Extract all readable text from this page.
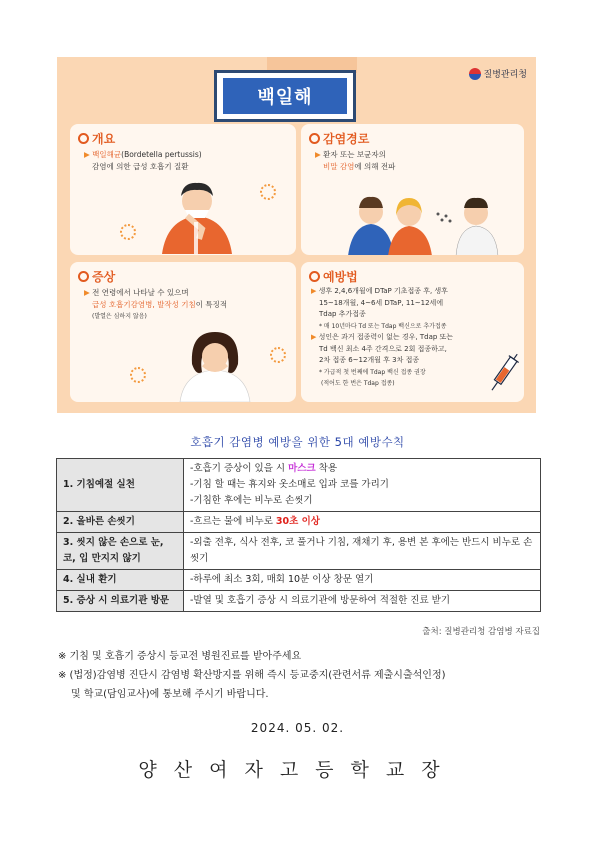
백일해
질병관리청
개요
▶ 백일해균(Bordetella pertussis)
감염에 의한 급성 호흡기 질환
감염경로
▶ 환자 또는 보균자의
비말 감염에 의해 전파
증상
▶ 전 연령에서 나타날 수 있으며
급성 호흡기감염병, 발작성 기침이 특징적
(발열은 심하지 않음)
예방법
▶ 생후 2,4,6개월에 DTaP 기초접종 후, 생후
15~18개월, 4~6세 DTaP, 11~12세에
Tdap 추가접종
* 매 10년마다 Td 또는 Tdap 백신으로 추가접종
▶ 성인은 과거 접종력이 없는 경우, Tdap 또는
Td 백신 최소 4주 간격으로 2회 접종하고,
2차 접종 6~12개월 후 3차 접종
* 가급적 첫 번째에 Tdap 백신 접종 권장
(적어도 한 번은 Tdap 접종)
호흡기 감염병 예방을 위한 5대 예방수칙
1. 기침예절 실천	-호흡기 증상이 있을 시 마스크 착용
-기침 할 때는 휴지와 옷소매로 입과 코를 가리기
-기침한 후에는 비누로 손씻기

2. 올바른 손씻기	-흐르는 물에 비누로 30초 이상

3. 씻지 않은 손으로 눈, 코, 입 만지지 않기	-외출 전후, 식사 전후, 코 풀거나 기침, 재채기 후, 용변 본 후에는 반드시 비누로 손 씻기

4. 실내 환기	-하루에 최소 3회, 매회 10분 이상 창문 열기

5. 증상 시 의료기관 방문	-발열 및 호흡기 증상 시 의료기관에 방문하여 적절한 진료 받기
출처: 질병관리청 감염병 자료집

※ 기침 및 호흡기 증상시 등교전 병원진료를 받아주세요

※ (법정)감염병 진단시 감염병 확산방지를 위해 즉시 등교중지(관련서류 제출시출석인정)

및 학교(담임교사)에 통보해 주시기 바랍니다.

2024. 05. 02.
양산여자고등학교장
